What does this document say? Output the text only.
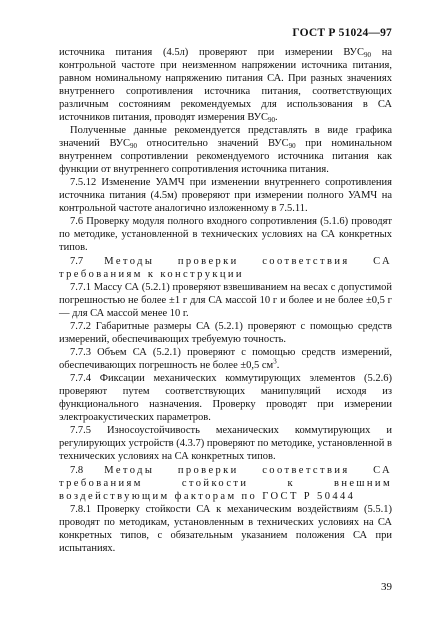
ГОСТ Р 51024—97

источника питания (4.5л) проверяют при измерении $ВУС_{90}$ на контрольной частоте при неизменном напряжении источника питания, равном номинальному напряжению питания СА. При разных значениях внутреннего сопротивления источника питания, соответствующих различным состояниям рекомендуемых для использования в СА источников питания, проводят измерения $ВУС_{90}$.

Полученные данные рекомендуется представлять в виде графика значений $ВУС_{90}$ относительно значений $ВУС_{90}$ при номинальном внутреннем сопротивлении рекомендуемого источника питания как функции от внутреннего сопротивления источника питания.

7.5.12 Изменение УАМЧ при изменении внутреннего сопротивления источника питания (4.5м) проверяют при измерении полного УАМЧ на контрольной частоте аналогично изложенному в 7.5.11.

7.6 Проверку модуля полного входного сопротивления (5.1.6) проводят по методике, установленной в технических условиях на СА конкретных типов.

7.7 Методы проверки соответствия СА требованиям к конструкции

7.7.1 Массу СА (5.2.1) проверяют взвешиванием на весах с допустимой погрешностью не более ±1 г для СА массой 10 г и более и не более ±0,5 г — для СА массой менее 10 г.

7.7.2 Габаритные размеры СА (5.2.1) проверяют с помощью средств измерений, обеспечивающих требуемую точность.

7.7.3 Объем СА (5.2.1) проверяют с помощью средств измерений, обеспечивающих погрешность не более ±0,5 $см^3$.

7.7.4 Фиксации механических коммутирующих элементов (5.2.6) проверяют путем соответствующих манипуляций исходя из функционального назначения. Проверку проводят при измерении электроакустических параметров.

7.7.5 Износоустойчивость механических коммутирующих и регулирующих устройств (4.3.7) проверяют по методике, установленной в технических условиях на СА конкретных типов.

7.8 Методы проверки соответствия СА требованиям стойкости к внешним воздействующим факторам по ГОСТ Р 50444

7.8.1 Проверку стойкости СА к механическим воздействиям (5.5.1) проводят по методикам, установленным в технических условиях на СА конкретных типов, с обязательным указанием положения СА при испытаниях.

39
